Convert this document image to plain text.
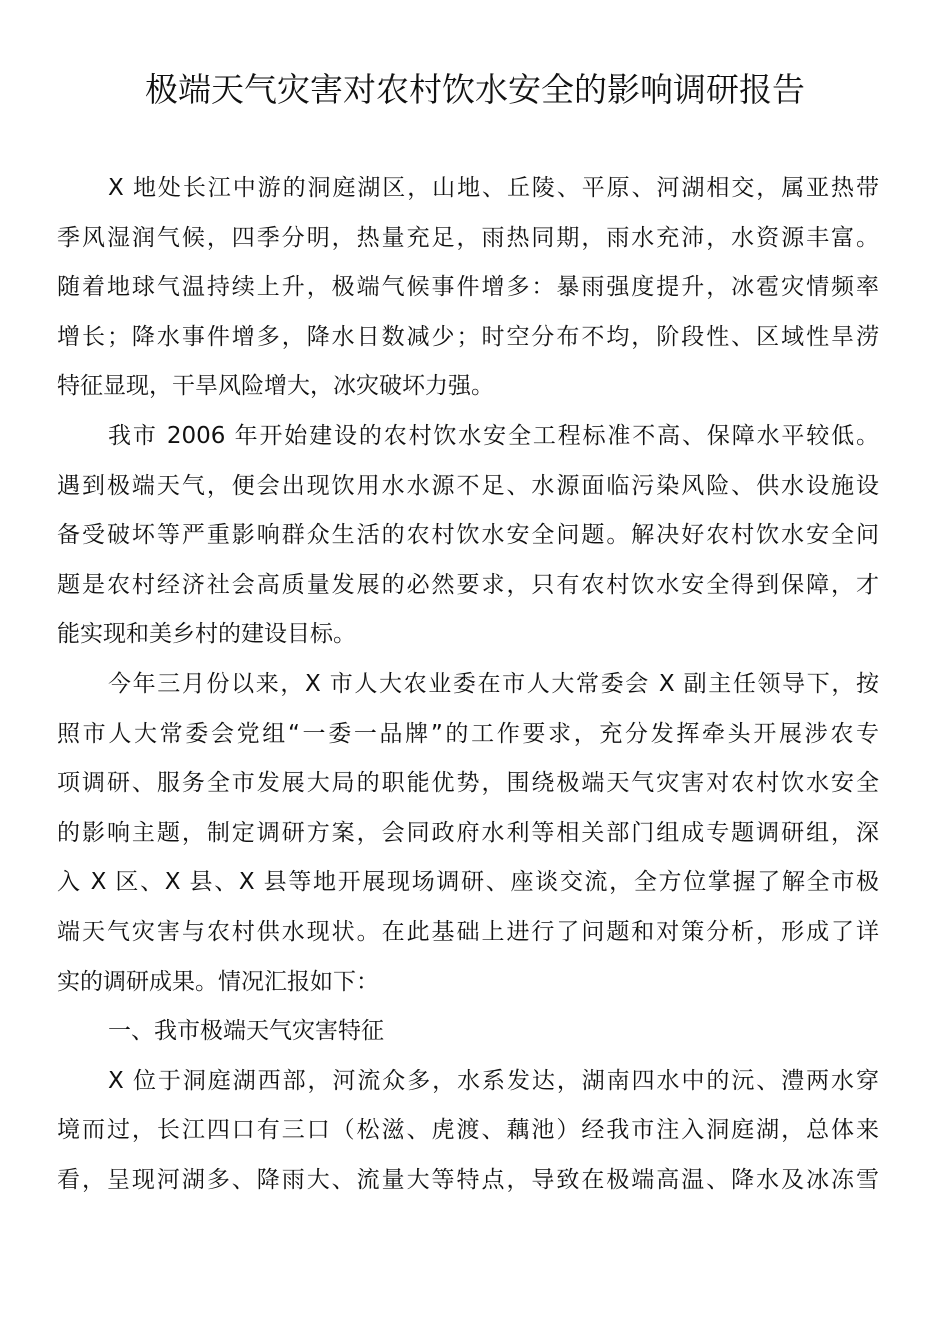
极端天气灾害对农村饮水安全的影响调研报告
X 地处长江中游的洞庭湖区，山地、丘陵、平原、河湖相交，属亚热带
季风湿润气候，四季分明，热量充足，雨热同期，雨水充沛，水资源丰富。
随着地球气温持续上升，极端气候事件增多：暴雨强度提升，冰雹灾情频率
增长；降水事件增多，降水日数减少；时空分布不均，阶段性、区域性旱涝
特征显现，干旱风险增大，冰灾破坏力强。
我市 2006 年开始建设的农村饮水安全工程标准不高、保障水平较低。
遇到极端天气，便会出现饮用水水源不足、水源面临污染风险、供水设施设
备受破坏等严重影响群众生活的农村饮水安全问题。解决好农村饮水安全问
题是农村经济社会高质量发展的必然要求，只有农村饮水安全得到保障，才
能实现和美乡村的建设目标。
今年三月份以来，X 市人大农业委在市人大常委会 X 副主任领导下，按
照市人大常委会党组“一委一品牌”的工作要求，充分发挥牵头开展涉农专
项调研、服务全市发展大局的职能优势，围绕极端天气灾害对农村饮水安全
的影响主题，制定调研方案，会同政府水利等相关部门组成专题调研组，深
入 X 区、X 县、X 县等地开展现场调研、座谈交流，全方位掌握了解全市极
端天气灾害与农村供水现状。在此基础上进行了问题和对策分析，形成了详
实的调研成果。情况汇报如下：
一、我市极端天气灾害特征
X 位于洞庭湖西部，河流众多，水系发达，湖南四水中的沅、澧两水穿
境而过，长江四口有三口（松滋、虎渡、藕池）经我市注入洞庭湖，总体来
看，呈现河湖多、降雨大、流量大等特点，导致在极端高温、降水及冰冻雪
